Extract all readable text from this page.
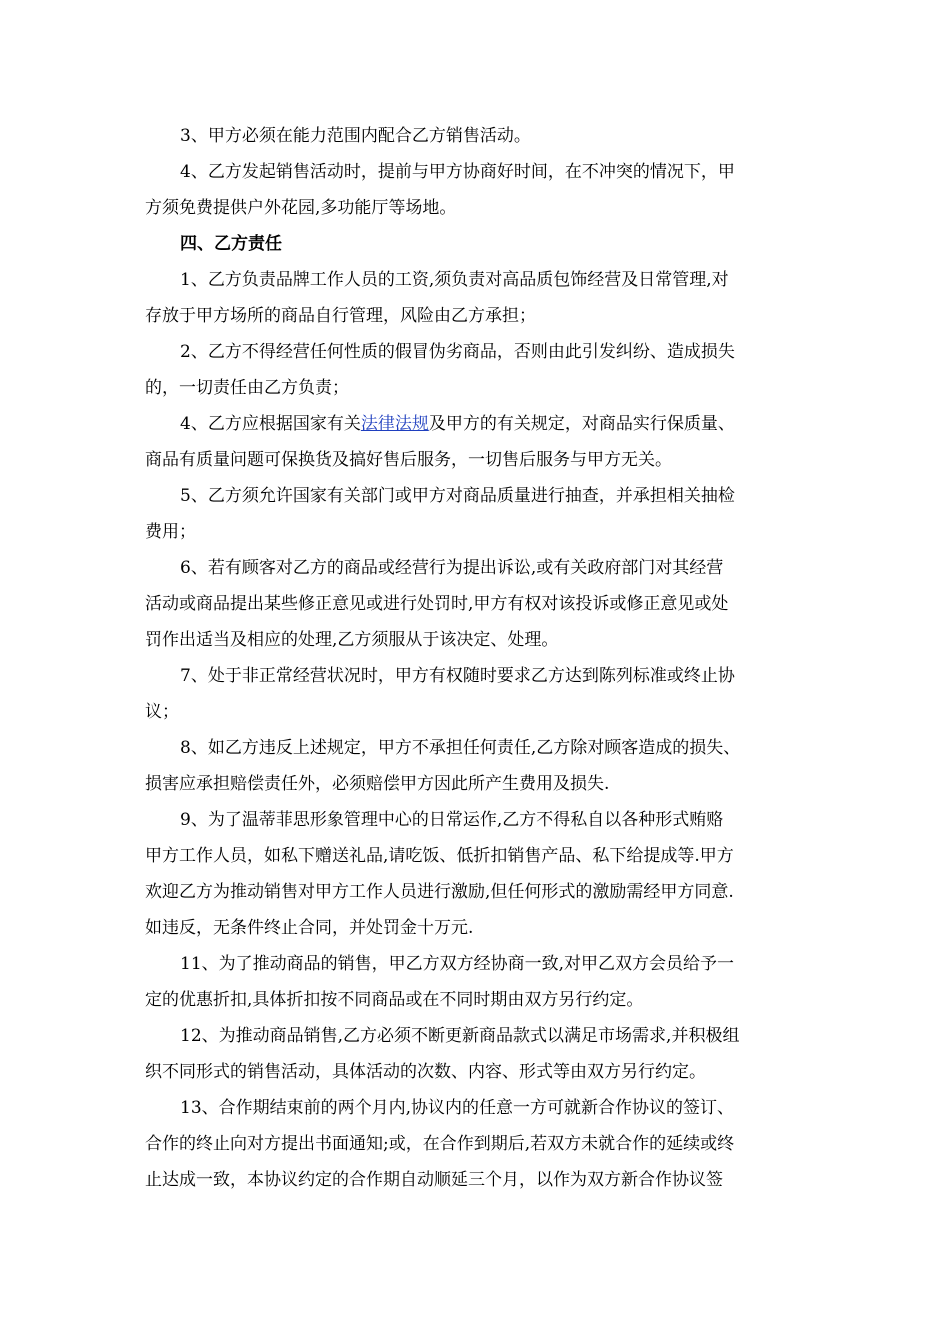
3、甲方必须在能力范围内配合乙方销售活动。
4、乙方发起销售活动时，提前与甲方协商好时间，在不冲突的情况下，甲
方须免费提供户外花园,多功能厅等场地。
四、乙方责任
1、乙方负责品牌工作人员的工资,须负责对高品质包饰经营及日常管理,对
存放于甲方场所的商品自行管理，风险由乙方承担；
2、乙方不得经营任何性质的假冒伪劣商品，否则由此引发纠纷、造成损失
的，一切责任由乙方负责；
4、乙方应根据国家有关法律法规及甲方的有关规定，对商品实行保质量、
商品有质量问题可保换货及搞好售后服务，一切售后服务与甲方无关。
5、乙方须允许国家有关部门或甲方对商品质量进行抽查，并承担相关抽检
费用；
6、若有顾客对乙方的商品或经营行为提出诉讼,或有关政府部门对其经营
活动或商品提出某些修正意见或进行处罚时,甲方有权对该投诉或修正意见或处
罚作出适当及相应的处理,乙方须服从于该决定、处理。
7、处于非正常经营状况时，甲方有权随时要求乙方达到陈列标准或终止协
议；
8、如乙方违反上述规定，甲方不承担任何责任,乙方除对顾客造成的损失、
损害应承担赔偿责任外，必须赔偿甲方因此所产生费用及损失.
9、为了温蒂菲思形象管理中心的日常运作,乙方不得私自以各种形式贿赂
甲方工作人员，如私下赠送礼品,请吃饭、低折扣销售产品、私下给提成等.甲方
欢迎乙方为推动销售对甲方工作人员进行激励,但任何形式的激励需经甲方同意.
如违反，无条件终止合同，并处罚金十万元.
11、为了推动商品的销售，甲乙方双方经协商一致,对甲乙双方会员给予一
定的优惠折扣,具体折扣按不同商品或在不同时期由双方另行约定。
12、为推动商品销售,乙方必须不断更新商品款式以满足市场需求,并积极组
织不同形式的销售活动，具体活动的次数、内容、形式等由双方另行约定。
13、合作期结束前的两个月内,协议内的任意一方可就新合作协议的签订、
合作的终止向对方提出书面通知;或，在合作到期后,若双方未就合作的延续或终
止达成一致，本协议约定的合作期自动顺延三个月，以作为双方新合作协议签
